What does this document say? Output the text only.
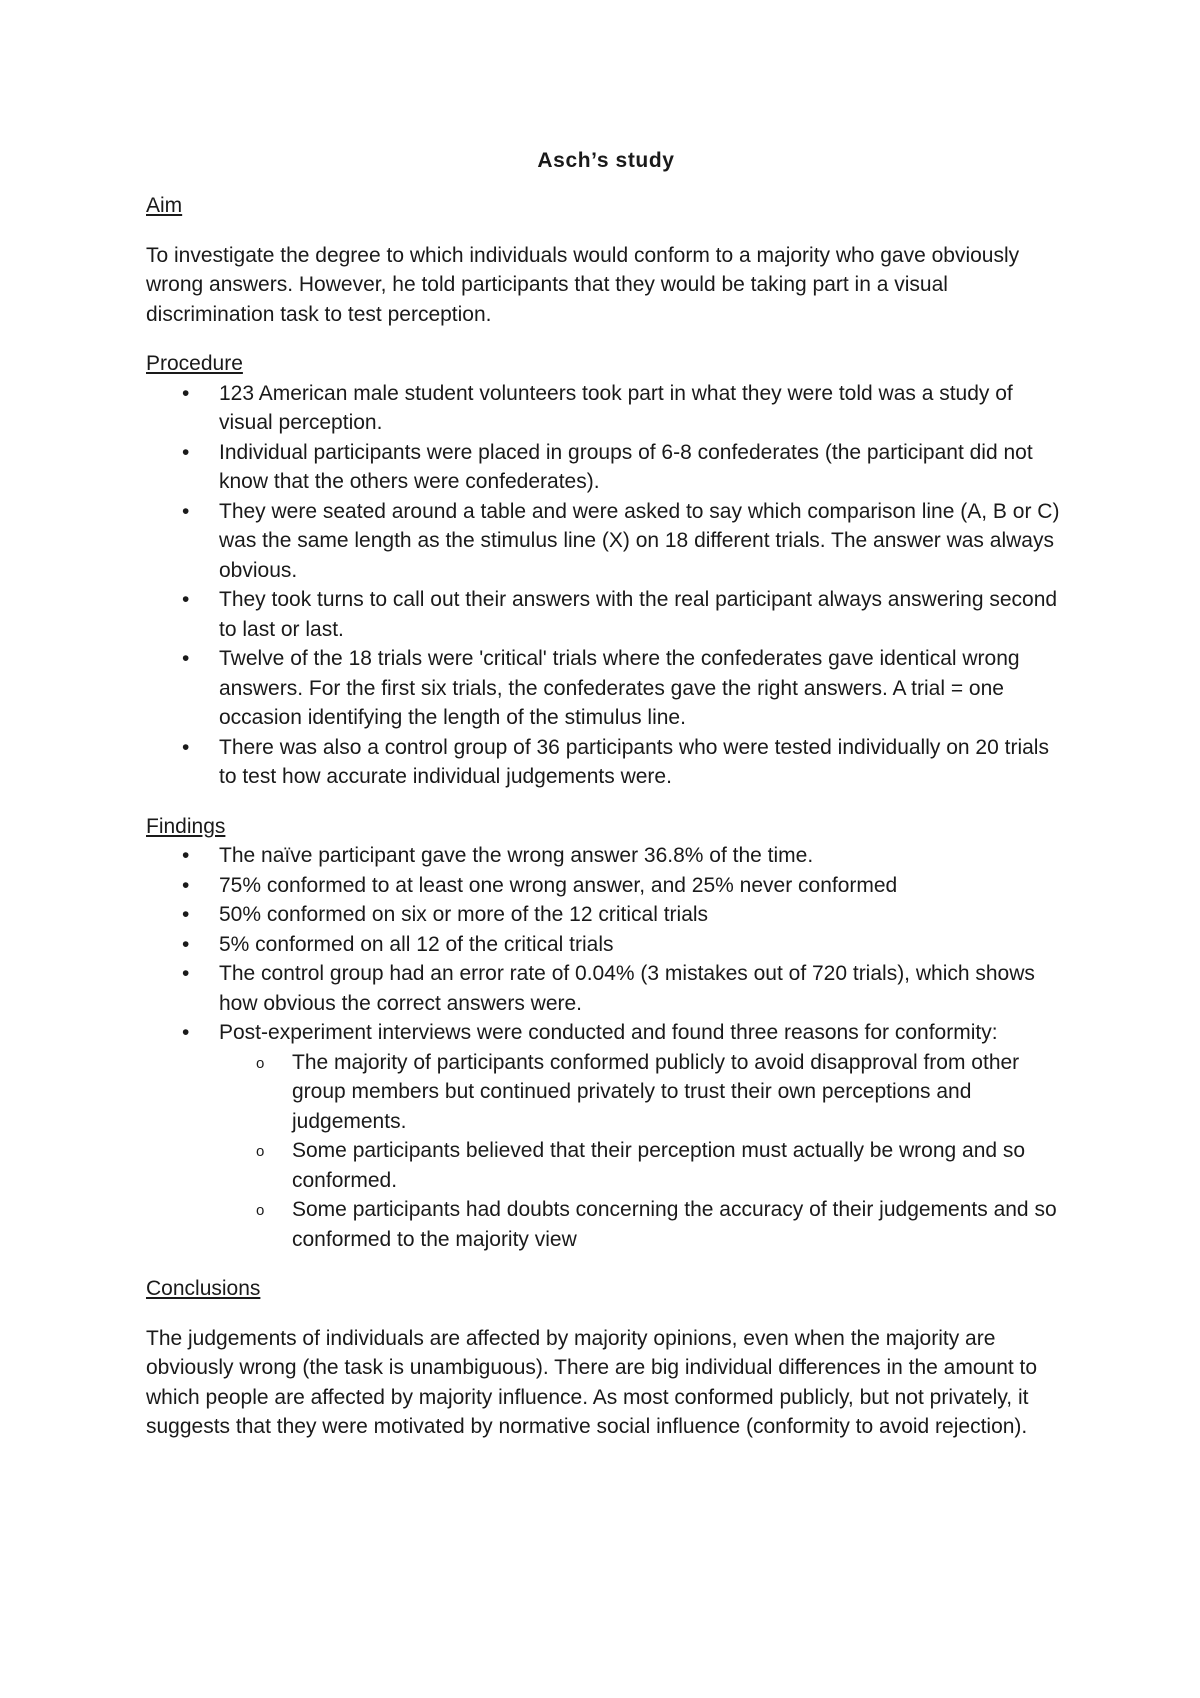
Asch’s study

Aim

To investigate the degree to which individuals would conform to a majority who gave obviously wrong answers. However, he told participants that they would be taking part in a visual discrimination task to test perception.

Procedure

• 123 American male student volunteers took part in what they were told was a study of visual perception.
• Individual participants were placed in groups of 6-8 confederates (the participant did not know that the others were confederates).
• They were seated around a table and were asked to say which comparison line (A, B or C) was the same length as the stimulus line (X) on 18 different trials. The answer was always obvious.
• They took turns to call out their answers with the real participant always answering second to last or last.
• Twelve of the 18 trials were 'critical' trials where the confederates gave identical wrong answers. For the first six trials, the confederates gave the right answers. A trial = one occasion identifying the length of the stimulus line.
• There was also a control group of 36 participants who were tested individually on 20 trials to test how accurate individual judgements were.

Findings

• The naïve participant gave the wrong answer 36.8% of the time.
• 75% conformed to at least one wrong answer, and 25% never conformed
• 50% conformed on six or more of the 12 critical trials
• 5% conformed on all 12 of the critical trials
• The control group had an error rate of 0.04% (3 mistakes out of 720 trials), which shows how obvious the correct answers were.
• Post-experiment interviews were conducted and found three reasons for conformity:
o The majority of participants conformed publicly to avoid disapproval from other group members but continued privately to trust their own perceptions and judgements.
o Some participants believed that their perception must actually be wrong and so conformed.
o Some participants had doubts concerning the accuracy of their judgements and so conformed to the majority view

Conclusions

The judgements of individuals are affected by majority opinions, even when the majority are obviously wrong (the task is unambiguous). There are big individual differences in the amount to which people are affected by majority influence. As most conformed publicly, but not privately, it suggests that they were motivated by normative social influence (conformity to avoid rejection).
